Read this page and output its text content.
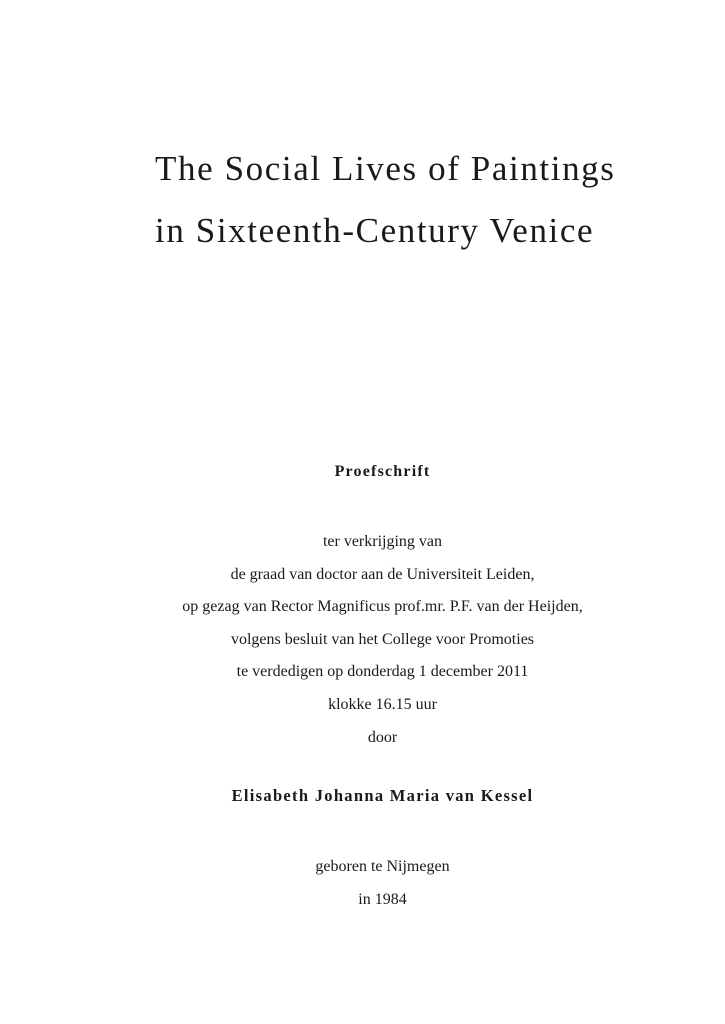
The Social Lives of Paintings
in Sixteenth-Century Venice
Proefschrift
ter verkrijging van
de graad van doctor aan de Universiteit Leiden,
op gezag van Rector Magnificus prof.mr. P.F. van der Heijden,
volgens besluit van het College voor Promoties
te verdedigen op donderdag 1 december 2011
klokke 16.15 uur
door
Elisabeth Johanna Maria van Kessel
geboren te Nijmegen
in 1984
